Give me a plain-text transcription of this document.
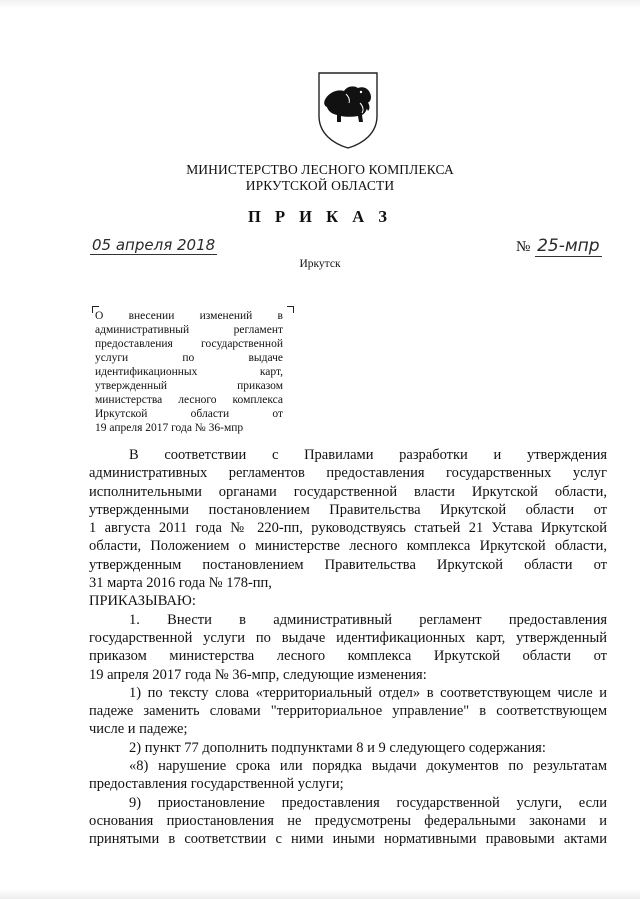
МИНИСТЕРСТВО ЛЕСНОГО КОМПЛЕКСА
ИРКУТСКОЙ ОБЛАСТИ
П Р И К А З
05 апреля 2018	№ 25-мпр
Иркутск
О внесении изменений в
административный регламент
предоставления государственной
услуги по выдаче
идентификационных карт,
утвержденный приказом
министерства лесного комплекса
Иркутской области от
19 апреля 2017 года № 36-мпр
В соответствии с Правилами разработки и утверждения
административных регламентов предоставления государственных услуг
исполнительными органами государственной власти Иркутской области,
утвержденными постановлением Правительства Иркутской области от
1 августа 2011 года № 220-пп, руководствуясь статьей 21 Устава Иркутской
области, Положением о министерстве лесного комплекса Иркутской области,
утвержденным постановлением Правительства Иркутской области от
31 марта 2016 года № 178-пп,
ПРИКАЗЫВАЮ:
1. Внести в административный регламент предоставления
государственной услуги по выдаче идентификационных карт, утвержденный
приказом министерства лесного комплекса Иркутской области от
19 апреля 2017 года № 36-мпр, следующие изменения:
1) по тексту слова «территориальный отдел» в соответствующем числе и
падеже заменить словами "территориальное управление" в соответствующем
числе и падеже;
2) пункт 77 дополнить подпунктами 8 и 9 следующего содержания:
«8) нарушение срока или порядка выдачи документов по результатам
предоставления государственной услуги;
9) приостановление предоставления государственной услуги, если
основания приостановления не предусмотрены федеральными законами и
принятыми в соответствии с ними иными нормативными правовыми актами
